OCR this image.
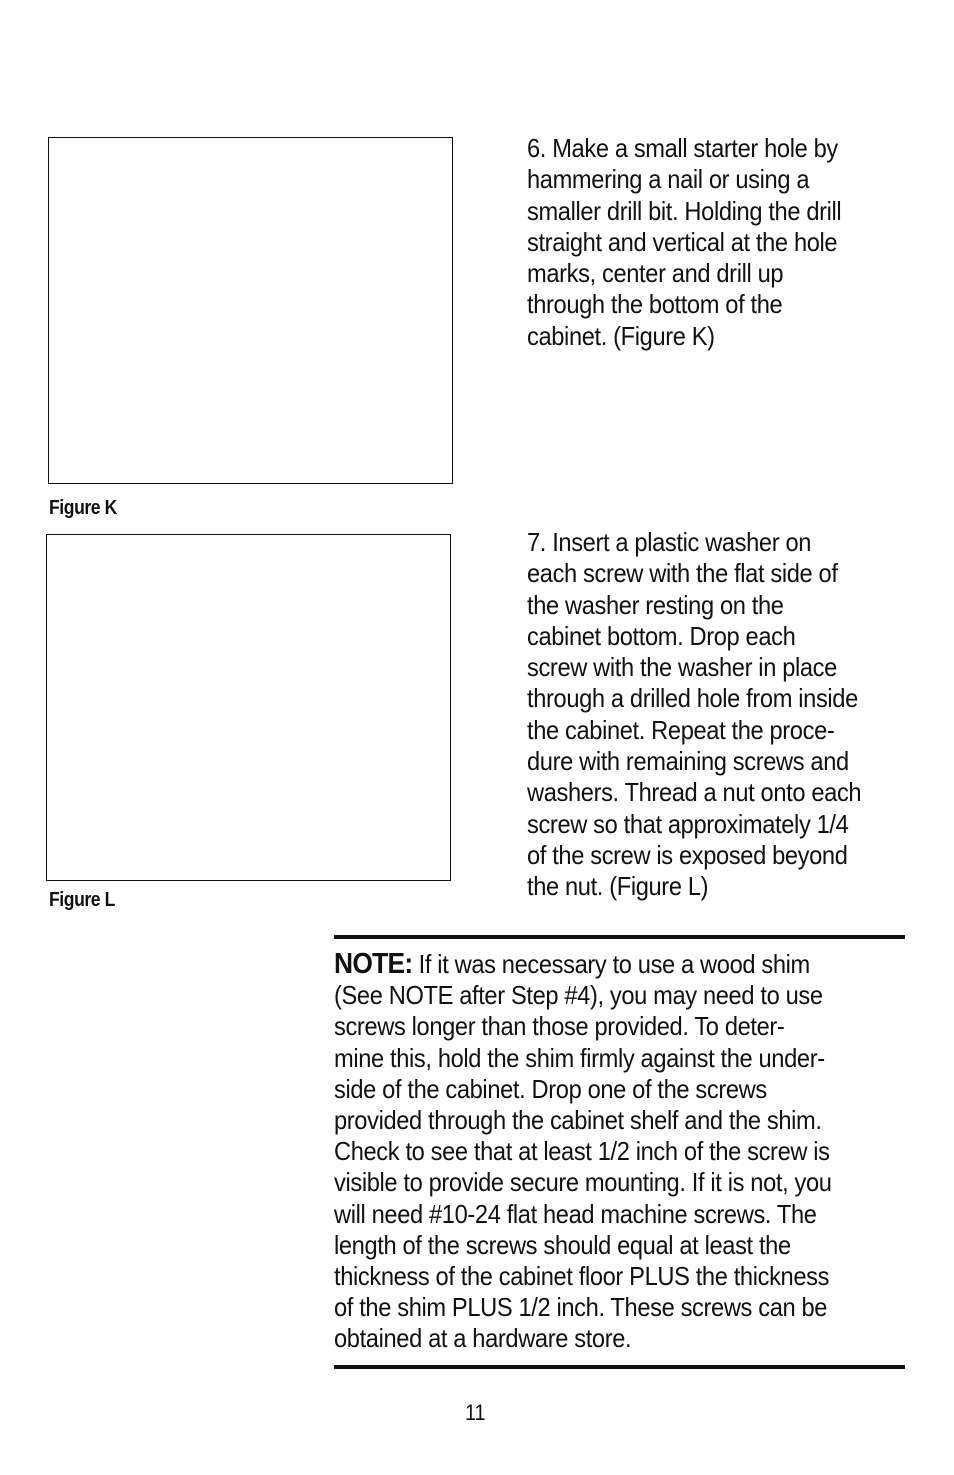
Figure K
6. Make a small starter hole by
hammering a nail or using a
smaller drill bit. Holding the drill
straight and vertical at the hole
marks, center and drill up
through the bottom of the
cabinet. (Figure K)
Figure L
7. Insert a plastic washer on
each screw with the flat side of
the washer resting on the
cabinet bottom. Drop each
screw with the washer in place
through a drilled hole from inside
the cabinet. Repeat the proce-
dure with remaining screws and
washers. Thread a nut onto each
screw so that approximately 1/4
of the screw is exposed beyond
the nut. (Figure L)
NOTE: If it was necessary to use a wood shim
(See NOTE after Step #4), you may need to use
screws longer than those provided. To deter-
mine this, hold the shim firmly against the under-
side of the cabinet. Drop one of the screws
provided through the cabinet shelf and the shim.
Check to see that at least 1/2 inch of the screw is
visible to provide secure mounting. If it is not, you
will need #10-24 flat head machine screws. The
length of the screws should equal at least the
thickness of the cabinet floor PLUS the thickness
of the shim PLUS 1/2 inch. These screws can be
obtained at a hardware store.
11
